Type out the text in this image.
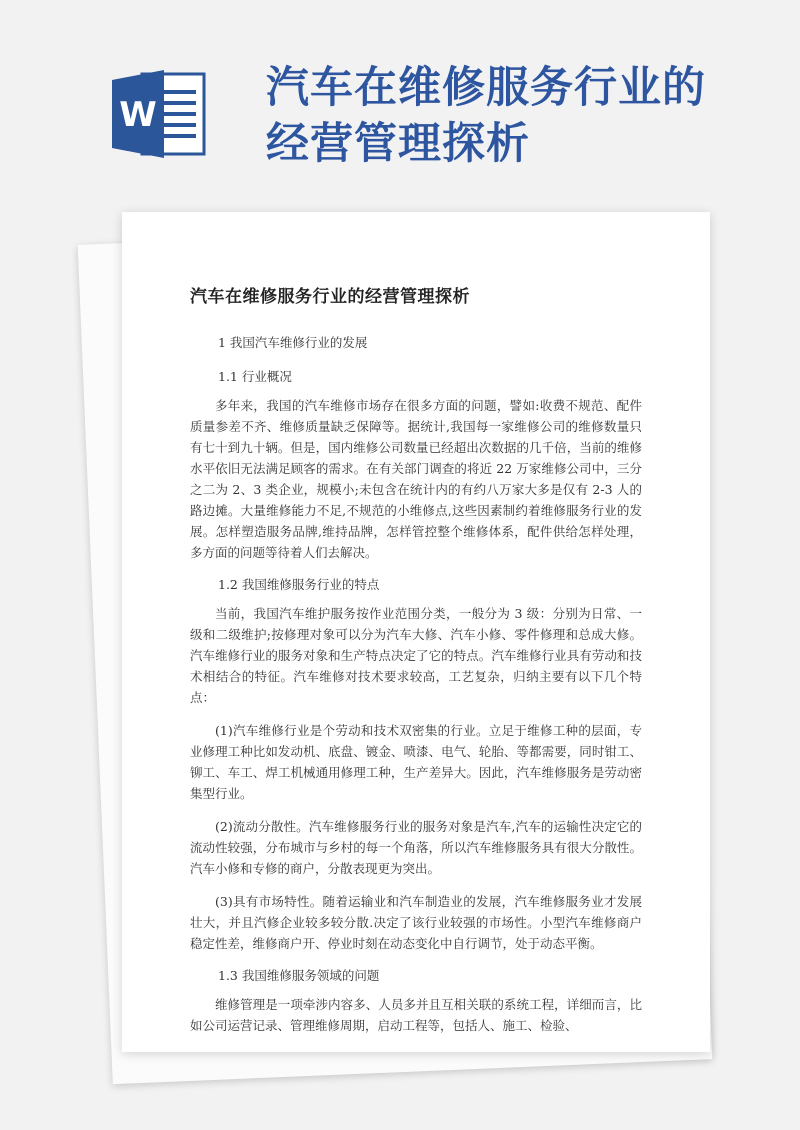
W
汽车在维修服务行业的
经营管理探析
汽车在维修服务行业的经营管理探析
1 我国汽车维修行业的发展
1.1 行业概况

多年来，我国的汽车维修市场存在很多方面的问题，譬如:收费不规范、配件质量参差不齐、维修质量缺乏保障等。据统计,我国每一家维修公司的维修数量只有七十到九十辆。但是，国内维修公司数量已经超出次数据的几千倍，当前的维修水平依旧无法满足顾客的需求。在有关部门调查的将近 22 万家维修公司中，三分之二为 2、3 类企业，规模小;未包含在统计内的有约八万家大多是仅有 2-3 人的路边摊。大量维修能力不足,不规范的小维修点,这些因素制约着维修服务行业的发展。怎样塑造服务品牌,维持品牌，怎样管控整个维修体系，配件供给怎样处理，多方面的问题等待着人们去解决。

1.2 我国维修服务行业的特点

当前，我国汽车维护服务按作业范围分类，一般分为 3 级：分别为日常、一级和二级维护;按修理对象可以分为汽车大修、汽车小修、零件修理和总成大修。汽车维修行业的服务对象和生产特点决定了它的特点。汽车维修行业具有劳动和技术相结合的特征。汽车维修对技术要求较高，工艺复杂，归纳主要有以下几个特点：

(1)汽车维修行业是个劳动和技术双密集的行业。立足于维修工种的层面，专业修理工种比如发动机、底盘、镀金、喷漆、电气、轮胎、等都需要，同时钳工、铆工、车工、焊工机械通用修理工种，生产差异大。因此，汽车维修服务是劳动密集型行业。

(2)流动分散性。汽车维修服务行业的服务对象是汽车,汽车的运输性决定它的流动性较强，分布城市与乡村的每一个角落，所以汽车维修服务具有很大分散性。汽车小修和专修的商户，分散表现更为突出。

(3)具有市场特性。随着运输业和汽车制造业的发展，汽车维修服务业才发展壮大，并且汽修企业较多较分散.决定了该行业较强的市场性。小型汽车维修商户稳定性差，维修商户开、停业时刻在动态变化中自行调节，处于动态平衡。

1.3 我国维修服务领域的问题

维修管理是一项牵涉内容多、人员多并且互相关联的系统工程，详细而言，比如公司运营记录、管理维修周期，启动工程等，包括人、施工、检验、
